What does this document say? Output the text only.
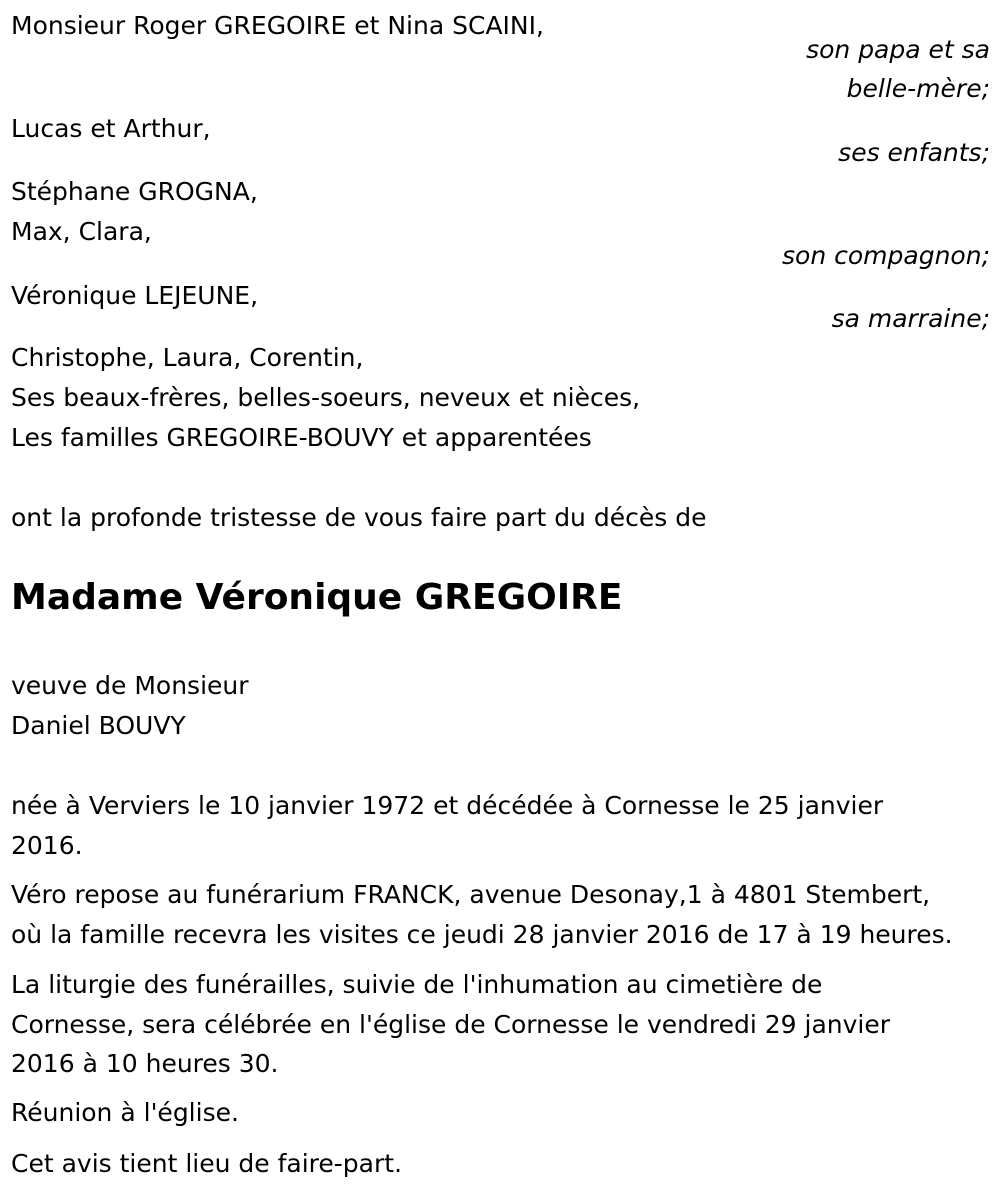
Monsieur Roger GREGOIRE et Nina SCAINI,
son papa et sa
belle-mère;
Lucas et Arthur,
ses enfants;
Stéphane GROGNA,
Max, Clara,
son compagnon;
Véronique LEJEUNE,
sa marraine;
Christophe, Laura, Corentin,
Ses beaux-frères, belles-soeurs, neveux et nièces,
Les familles GREGOIRE-BOUVY et apparentées
ont la profonde tristesse de vous faire part du décès de
Madame Véronique GREGOIRE
veuve de Monsieur
Daniel BOUVY
née à Verviers le 10 janvier 1972 et décédée à Cornesse le 25 janvier
2016.
Véro repose au funérarium FRANCK, avenue Desonay,1 à 4801 Stembert,
où la famille recevra les visites ce jeudi 28 janvier 2016 de 17 à 19 heures.
La liturgie des funérailles, suivie de l'inhumation au cimetière de
Cornesse, sera célébrée en l'église de Cornesse le vendredi 29 janvier
2016 à 10 heures 30.
Réunion à l'église.
Cet avis tient lieu de faire-part.
